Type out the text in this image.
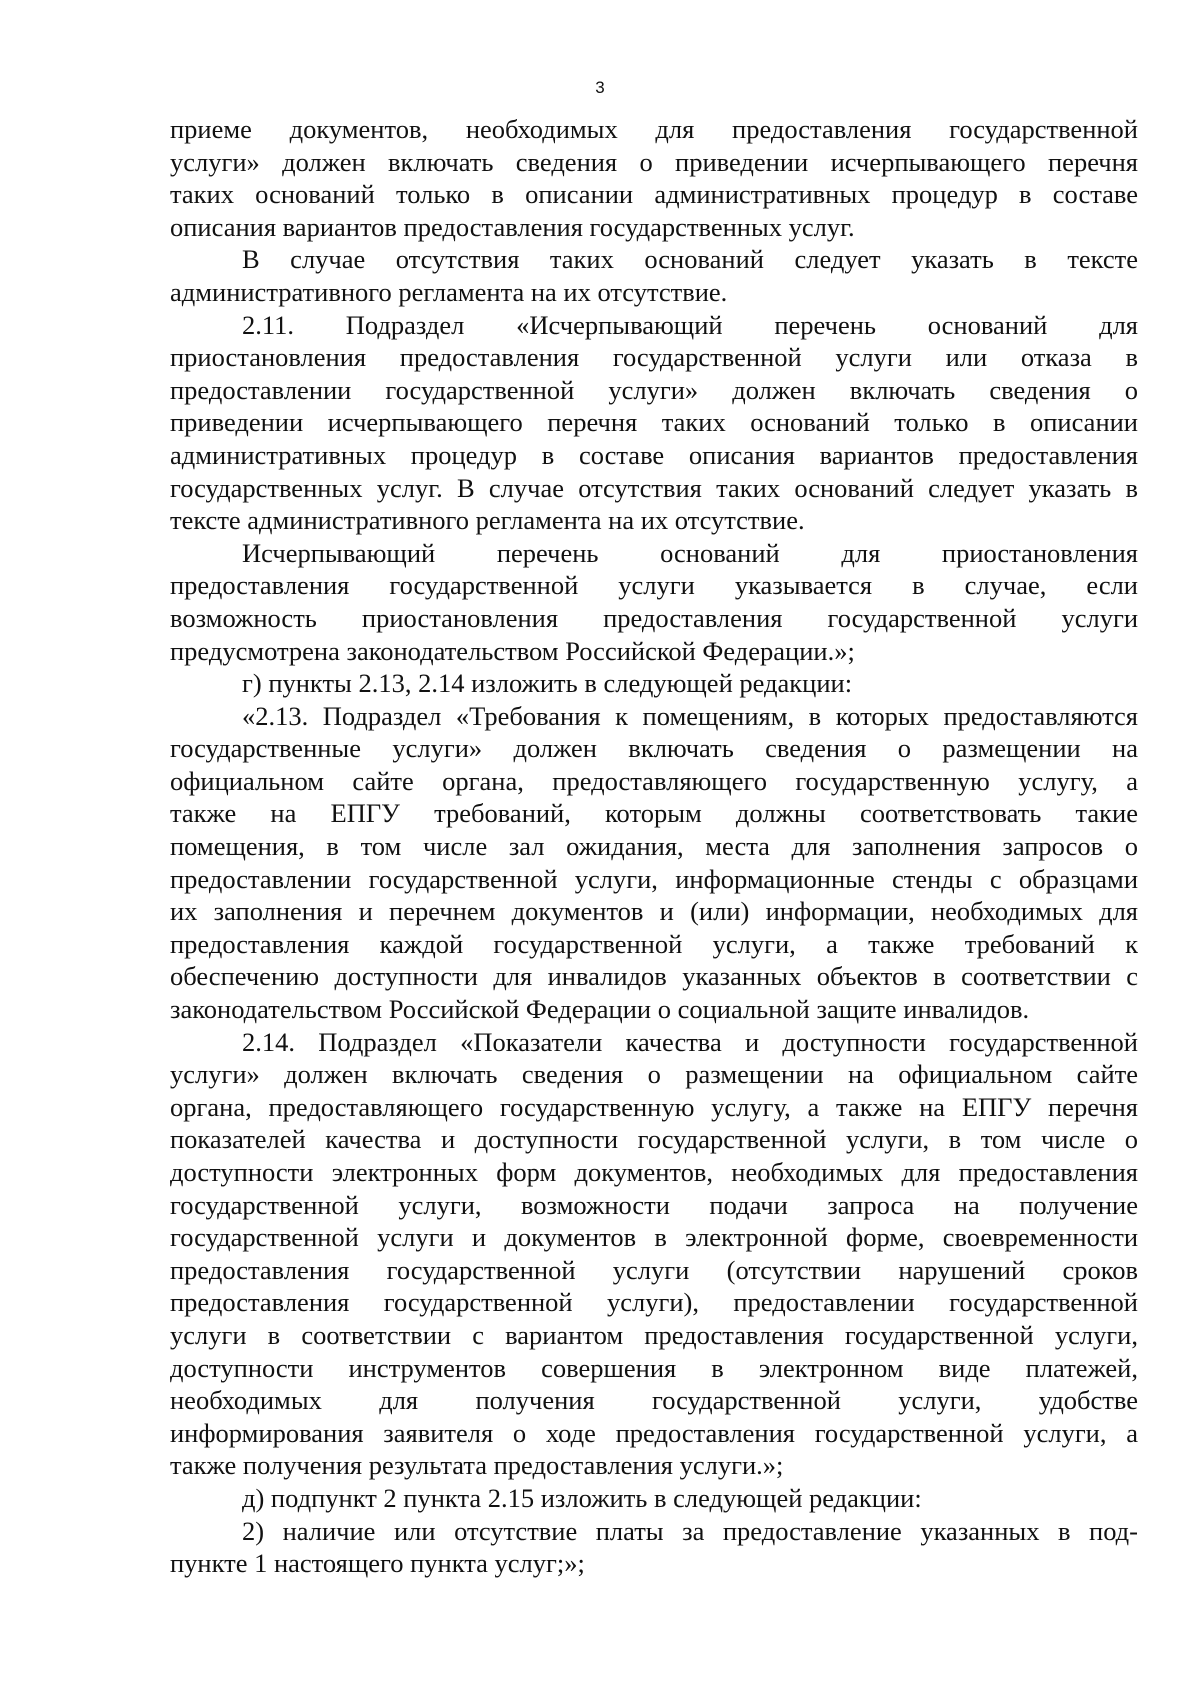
3
приеме документов, необходимых для предоставления государственной
услуги» должен включать сведения о приведении исчерпывающего перечня
таких оснований только в описании административных процедур в составе
описания вариантов предоставления государственных услуг.
В случае отсутствия таких оснований следует указать в тексте
административного регламента на их отсутствие.
2.11. Подраздел «Исчерпывающий перечень оснований для
приостановления предоставления государственной услуги или отказа в
предоставлении государственной услуги» должен включать сведения о
приведении исчерпывающего перечня таких оснований только в описании
административных процедур в составе описания вариантов предоставления
государственных услуг. В случае отсутствия таких оснований следует указать в
тексте административного регламента на их отсутствие.
Исчерпывающий перечень оснований для приостановления
предоставления государственной услуги указывается в случае, если
возможность приостановления предоставления государственной услуги
предусмотрена законодательством Российской Федерации.»;
г) пункты 2.13, 2.14 изложить в следующей редакции:
«2.13. Подраздел «Требования к помещениям, в которых предоставляются
государственные услуги» должен включать сведения о размещении на
официальном сайте органа, предоставляющего государственную услугу, а
также на ЕПГУ требований, которым должны соответствовать такие
помещения, в том числе зал ожидания, места для заполнения запросов о
предоставлении государственной услуги, информационные стенды с образцами
их заполнения и перечнем документов и (или) информации, необходимых для
предоставления каждой государственной услуги, а также требований к
обеспечению доступности для инвалидов указанных объектов в соответствии с
законодательством Российской Федерации о социальной защите инвалидов.
2.14. Подраздел «Показатели качества и доступности государственной
услуги» должен включать сведения о размещении на официальном сайте
органа, предоставляющего государственную услугу, а также на ЕПГУ перечня
показателей качества и доступности государственной услуги, в том числе о
доступности электронных форм документов, необходимых для предоставления
государственной услуги, возможности подачи запроса на получение
государственной услуги и документов в электронной форме, своевременности
предоставления государственной услуги (отсутствии нарушений сроков
предоставления государственной услуги), предоставлении государственной
услуги в соответствии с вариантом предоставления государственной услуги,
доступности инструментов совершения в электронном виде платежей,
необходимых для получения государственной услуги, удобстве
информирования заявителя о ходе предоставления государственной услуги, а
также получения результата предоставления услуги.»;
д) подпункт 2 пункта 2.15 изложить в следующей редакции:
2) наличие или отсутствие платы за предоставление указанных в под-
пункте 1 настоящего пункта услуг;»;
